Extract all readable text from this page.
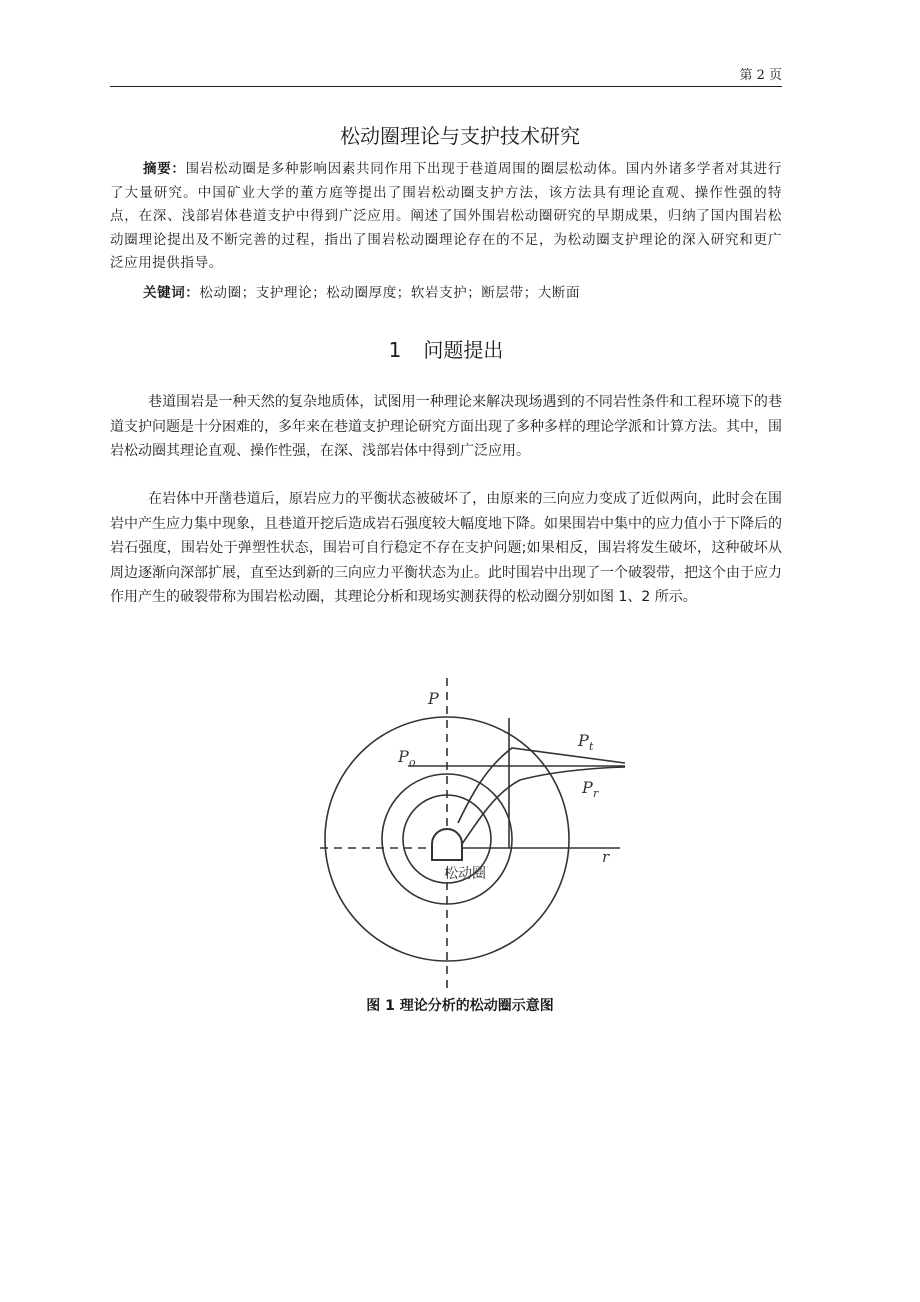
第 2 页
松动圈理论与支护技术研究
摘要：围岩松动圈是多种影响因素共同作用下出现于巷道周围的圈层松动体。国内外诸多学者对其进行了大量研究。中国矿业大学的董方庭等提出了围岩松动圈支护方法，该方法具有理论直观、操作性强的特点，在深、浅部岩体巷道支护中得到广泛应用。阐述了国外围岩松动圈研究的早期成果，归纳了国内围岩松动圈理论提出及不断完善的过程，指出了围岩松动圈理论存在的不足，为松动圈支护理论的深入研究和更广泛应用提供指导。
关键词：松动圈；支护理论；松动圈厚度；软岩支护；断层带；大断面
1 问题提出
巷道围岩是一种天然的复杂地质体，试图用一种理论来解决现场遇到的不同岩性条件和工程环境下的巷道支护问题是十分困难的，多年来在巷道支护理论研究方面出现了多种多样的理论学派和计算方法。其中，围岩松动圈其理论直观、操作性强，在深、浅部岩体中得到广泛应用。
在岩体中开凿巷道后，原岩应力的平衡状态被破坏了，由原来的三向应力变成了近似两向，此时会在围岩中产生应力集中现象，且巷道开挖后造成岩石强度较大幅度地下降。如果围岩中集中的应力值小于下降后的岩石强度，围岩处于弹塑性状态，围岩可自行稳定不存在支护问题;如果相反，围岩将发生破坏，这种破坏从周边逐渐向深部扩展，直至达到新的三向应力平衡状态为止。此时围岩中出现了一个破裂带，把这个由于应力作用产生的破裂带称为围岩松动圈，其理论分析和现场实测获得的松动圈分别如图 1、2 所示。
P
P o
P t
P r
r
松动圈
图 1 理论分析的松动圈示意图
